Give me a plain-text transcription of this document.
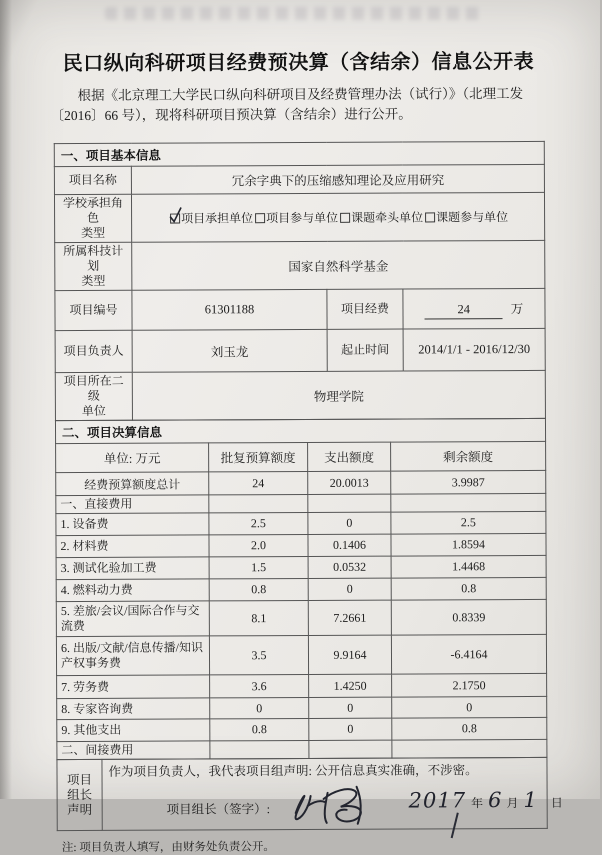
民口纵向科研项目经费预决算（含结余）信息公开表
根据《北京理工大学民口纵向科研项目及经费管理办法（试行）》（北理工发
〔2016〕66 号），现将科研项目预决算（含结余）进行公开。
一、项目基本信息			
项目名称	冗余字典下的压缩感知理论及应用研究		

学校承担角色
类型	项目承担单位 项目参与单位 课题牵头单位 课题参与单位		

所属科技计划
类型	国家自然科学基金		
项目编号	61301188	项目经费	24 万
项目负责人	刘玉龙	起止时间	2014/1/1 - 2016/12/30

项目所在二级
单位	物理学院		
二、项目决算信息			
单位: 万元	批复预算额度	支出额度	剩余额度
经费预算额度总计	24	20.0013	3.9987
一、直接费用			
1. 设备费	2.5	0	2.5
2. 材料费	2.0	0.1406	1.8594
3. 测试化验加工费	1.5	0.0532	1.4468
4. 燃料动力费	0.8	0	0.8
5. 差旅/会议/国际合作与交流费	8.1	7.2661	0.8339
6. 出版/文献/信息传播/知识产权事务费	3.5	9.9164	-6.4164
7. 劳务费	3.6	1.4250	2.1750
8. 专家咨询费	0	0	0
9. 其他支出	0.8	0	0.8
二、间接费用			
项目
组长
声明

作为项目负责人，我代表项目组声明: 公开信息真实准确，不涉密。
项目组长（签字）:	2017 年 6 月 1 日
注: 项目负责人填写，由财务处负责公开。
